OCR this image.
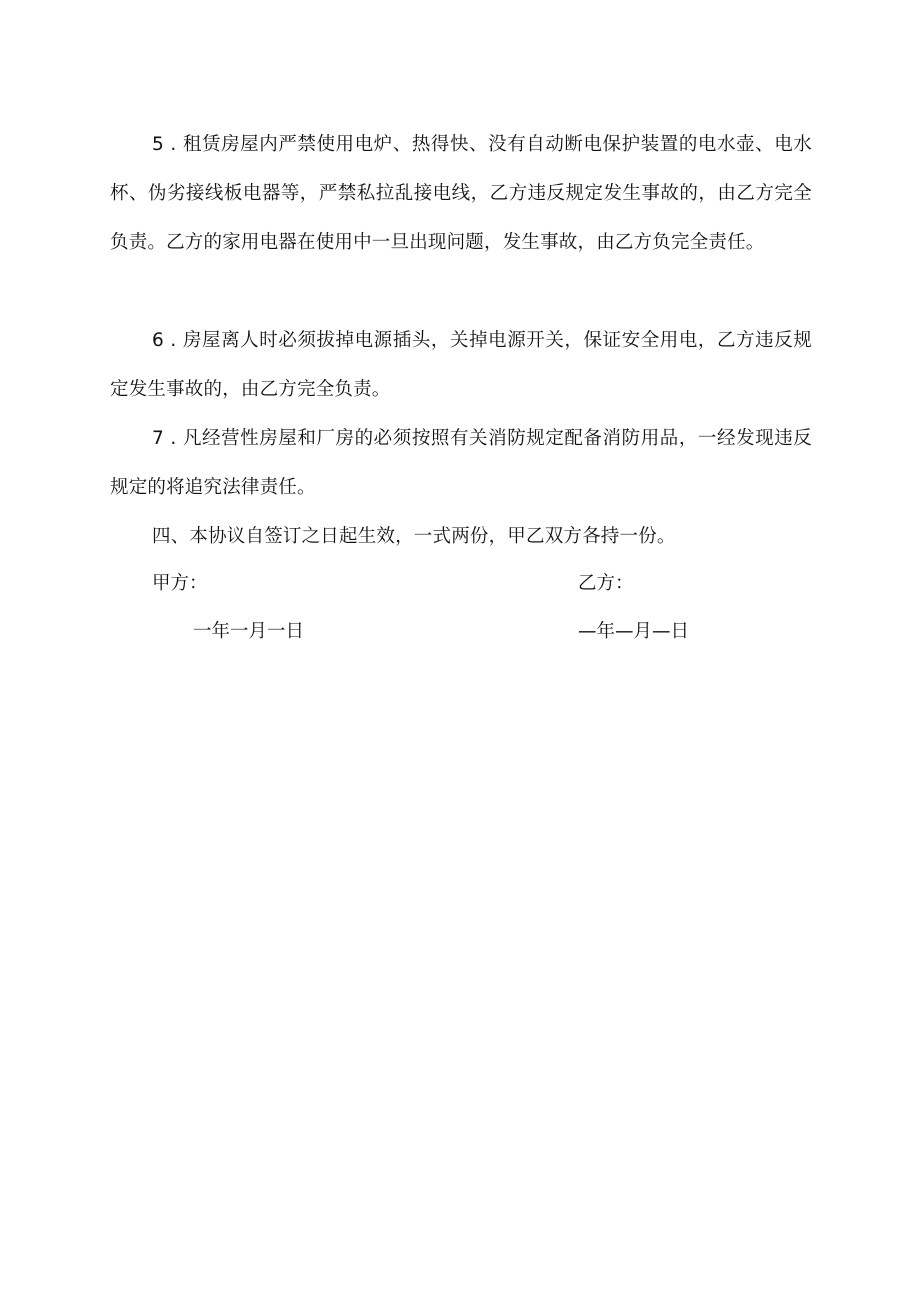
5 . 租赁房屋内严禁使用电炉、热得快、没有自动断电保护装置的电水壶、电水杯、伪劣接线板电器等，严禁私拉乱接电线，乙方违反规定发生事故的，由乙方完全负责。乙方的家用电器在使用中一旦出现问题，发生事故，由乙方负完全责任。

6 . 房屋离人时必须拔掉电源插头，关掉电源开关，保证安全用电，乙方违反规定发生事故的，由乙方完全负责。

7 . 凡经营性房屋和厂房的必须按照有关消防规定配备消防用品，一经发现违反规定的将追究法律责任。

四、本协议自签订之日起生效，一式两份，甲乙双方各持一份。

甲方：	乙方：
一年一月一日	—年—月—日
